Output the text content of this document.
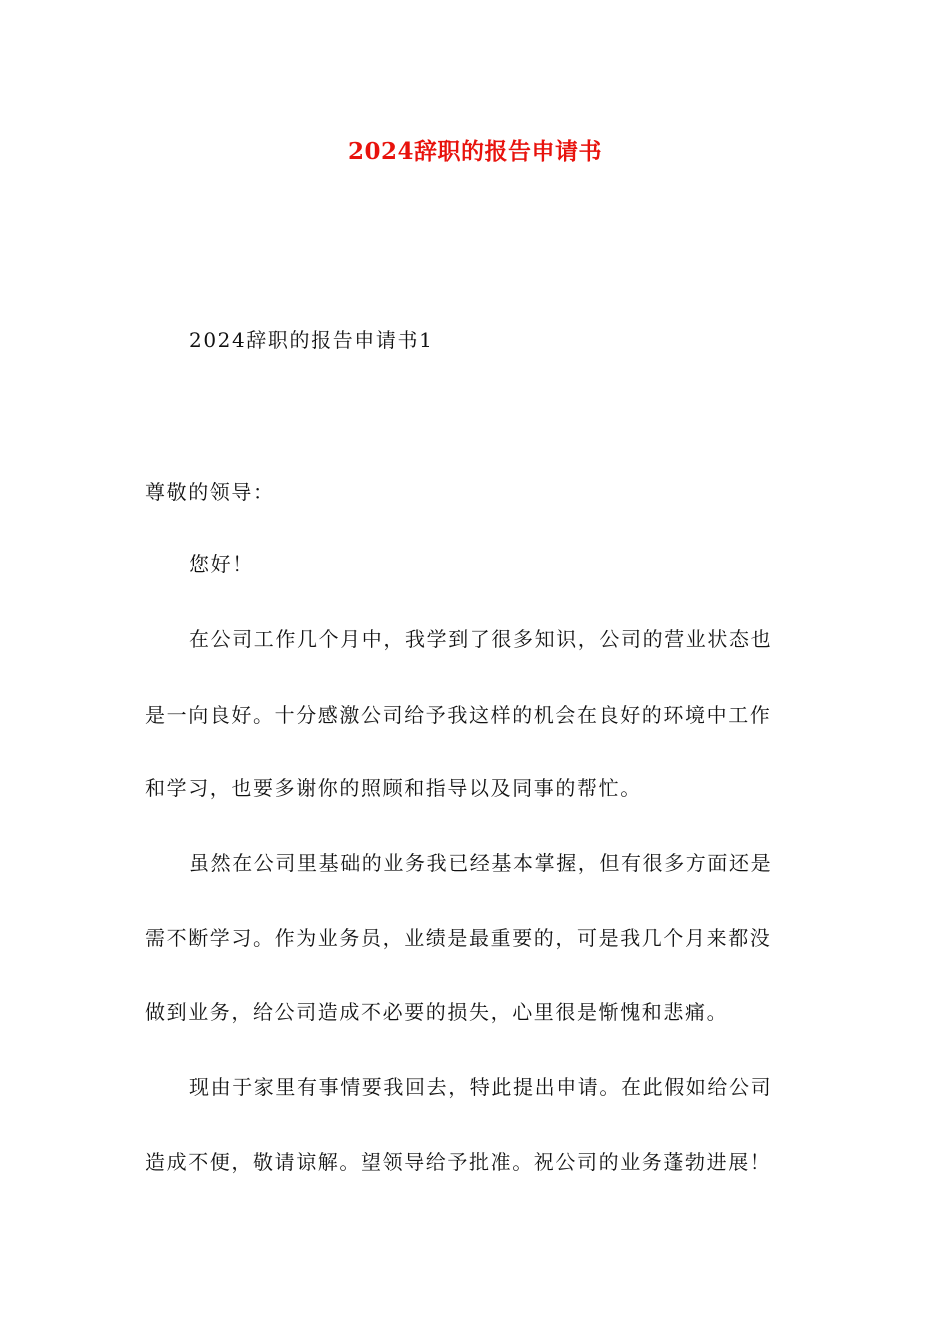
2024辞职的报告申请书
2024辞职的报告申请书1
尊敬的领导：
您好！
在公司工作几个月中，我学到了很多知识，公司的营业状态也
是一向良好。十分感激公司给予我这样的机会在良好的环境中工作
和学习，也要多谢你的照顾和指导以及同事的帮忙。
虽然在公司里基础的业务我已经基本掌握，但有很多方面还是
需不断学习。作为业务员，业绩是最重要的，可是我几个月来都没
做到业务，给公司造成不必要的损失，心里很是惭愧和悲痛。
现由于家里有事情要我回去，特此提出申请。在此假如给公司
造成不便，敬请谅解。望领导给予批准。祝公司的业务蓬勃进展！
